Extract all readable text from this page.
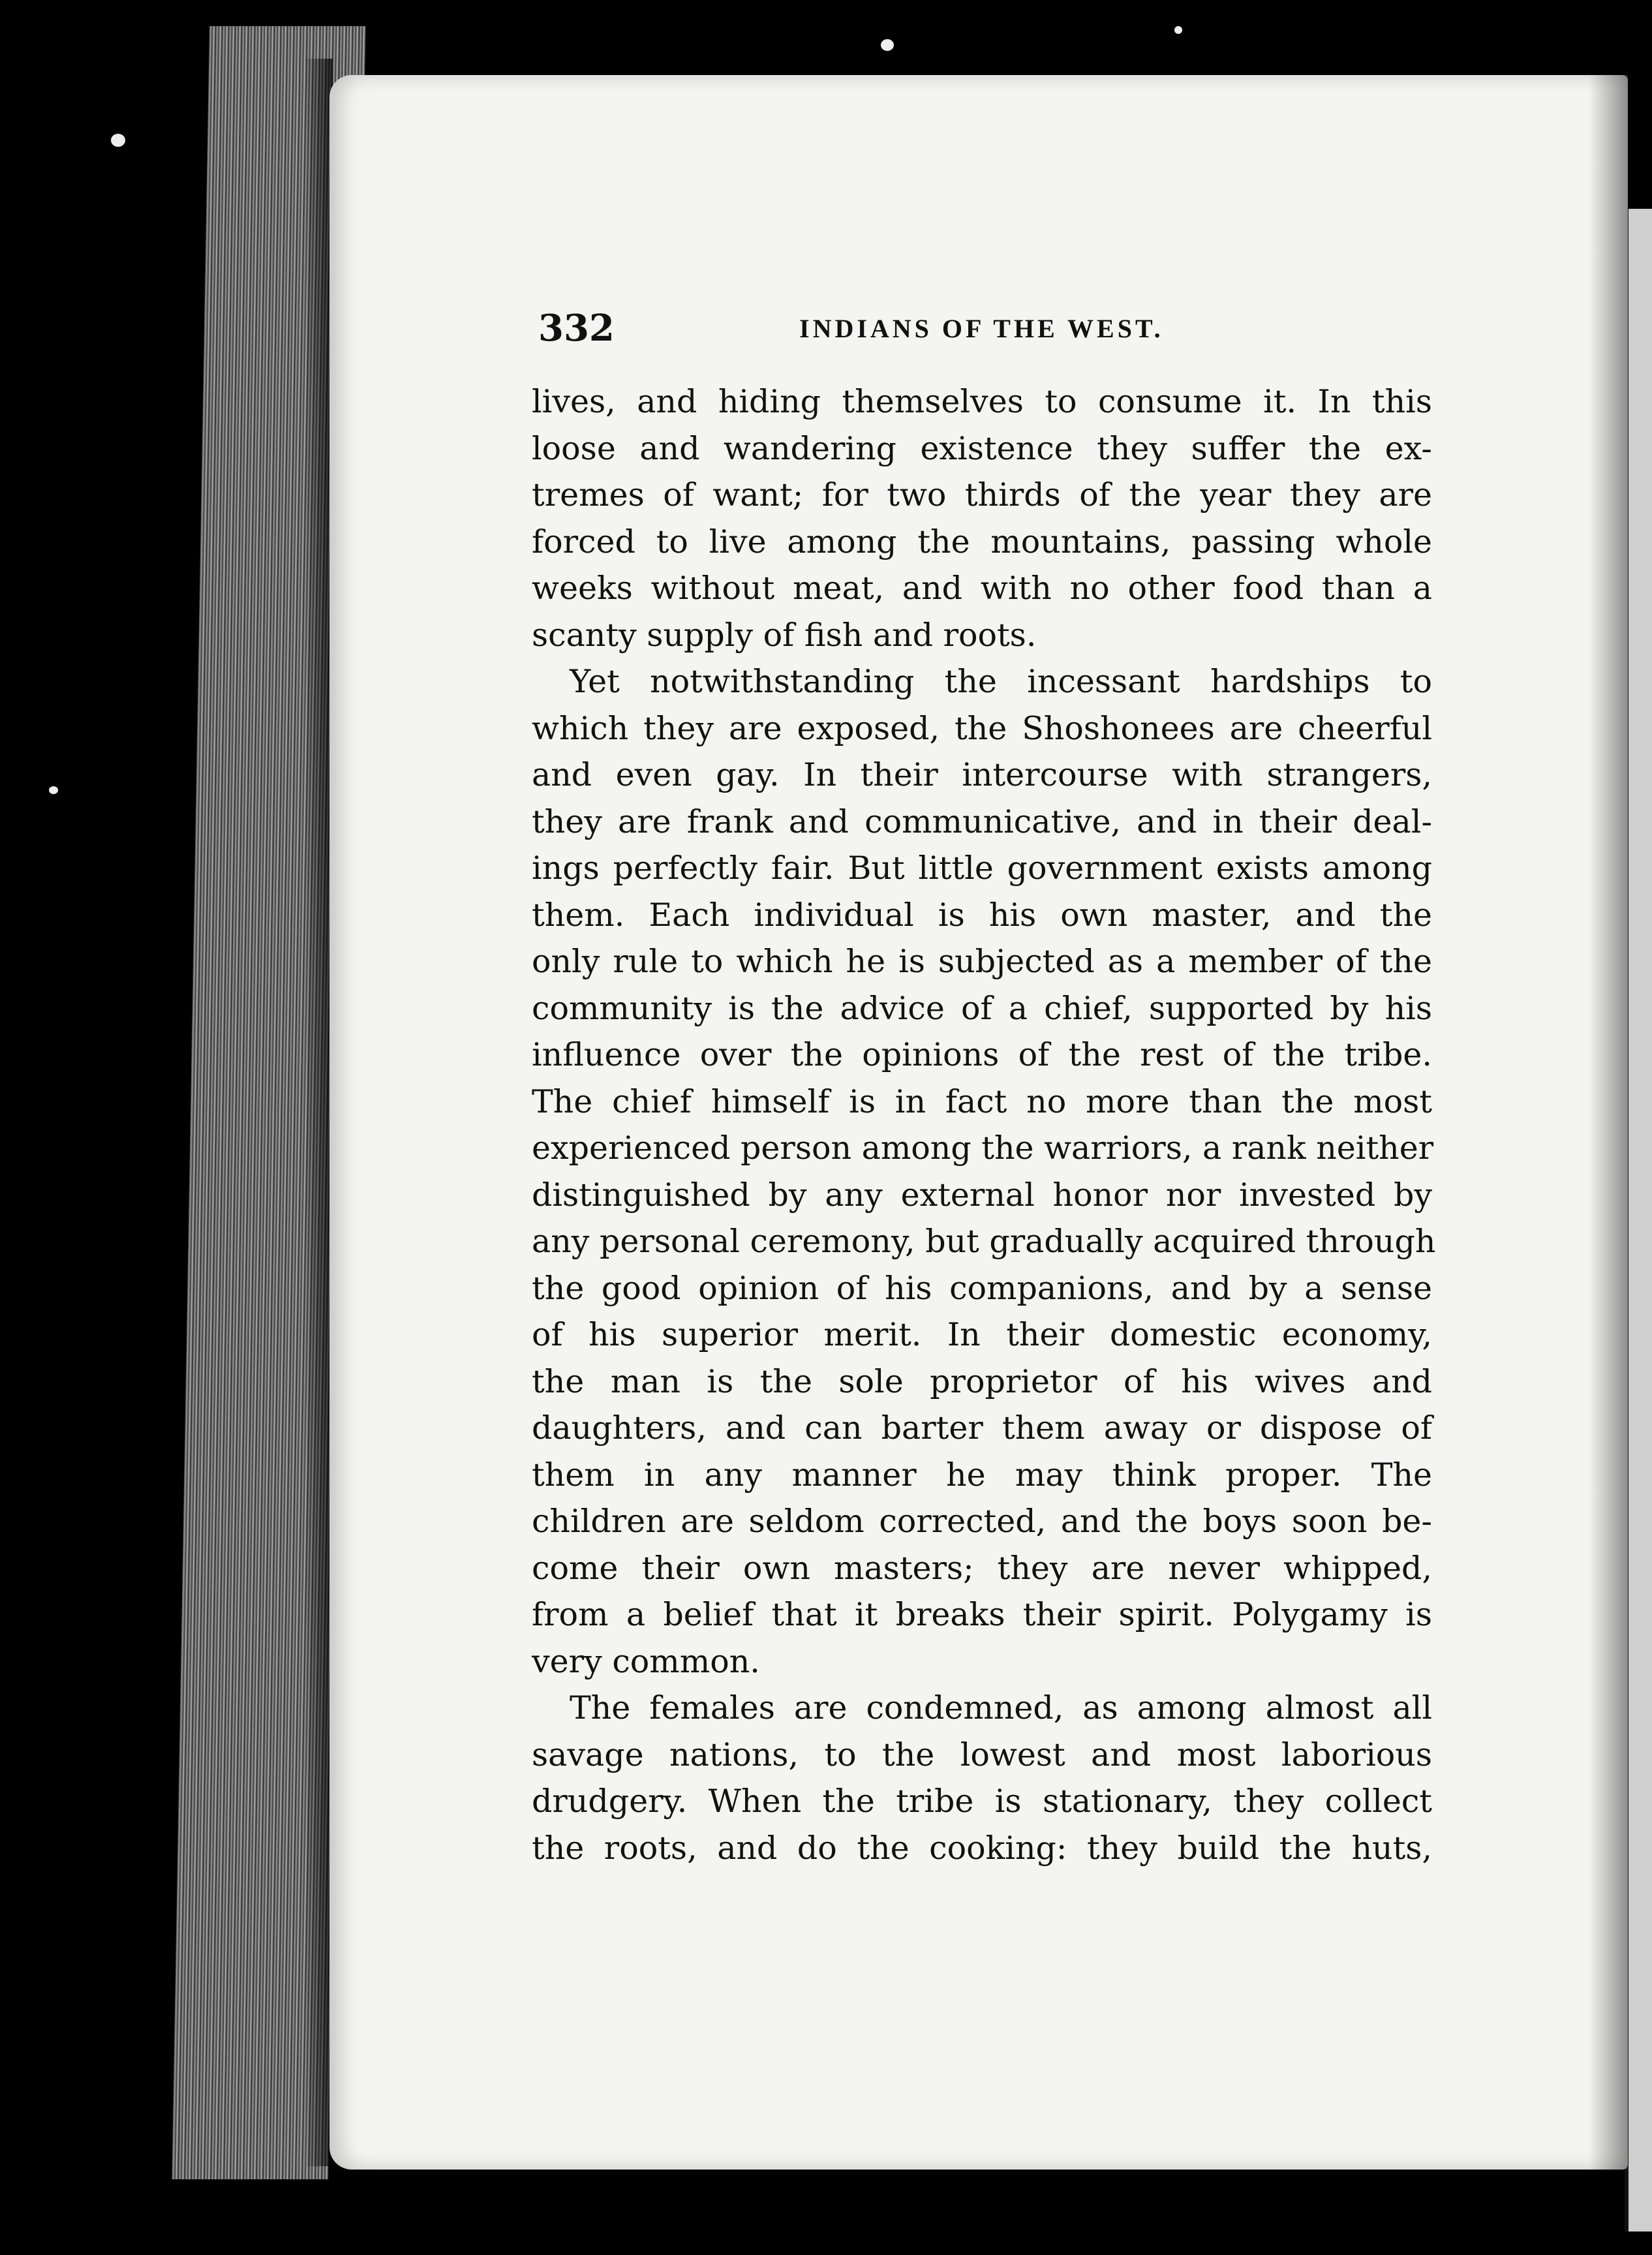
332	INDIANS OF THE WEST.
lives, and hiding themselves to consume it. In this
loose and wandering existence they suffer the ex-
tremes of want; for two thirds of the year they are
forced to live among the mountains, passing whole
weeks without meat, and with no other food than a
scanty supply of fish and roots.
Yet notwithstanding the incessant hardships to
which they are exposed, the Shoshonees are cheerful
and even gay. In their intercourse with strangers,
they are frank and communicative, and in their deal-
ings perfectly fair. But little government exists among
them. Each individual is his own master, and the
only rule to which he is subjected as a member of the
community is the advice of a chief, supported by his
influence over the opinions of the rest of the tribe.
The chief himself is in fact no more than the most
experienced person among the warriors, a rank neither
distinguished by any external honor nor invested by
any personal ceremony, but gradually acquired through
the good opinion of his companions, and by a sense
of his superior merit. In their domestic economy,
the man is the sole proprietor of his wives and
daughters, and can barter them away or dispose of
them in any manner he may think proper. The
children are seldom corrected, and the boys soon be-
come their own masters; they are never whipped,
from a belief that it breaks their spirit. Polygamy is
very common.
The females are condemned, as among almost all
savage nations, to the lowest and most laborious
drudgery. When the tribe is stationary, they collect
the roots, and do the cooking: they build the huts,
